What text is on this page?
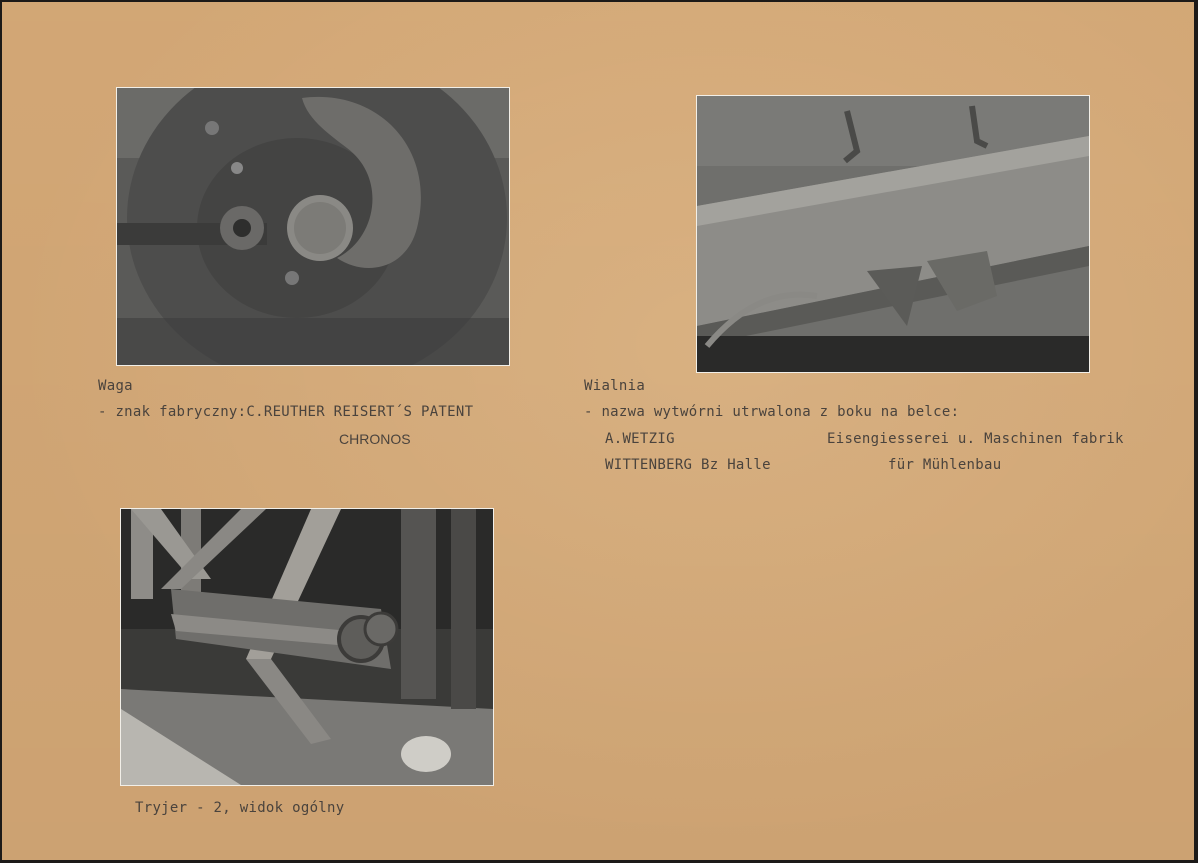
Waga

- znak fabryczny:C.REUTHER REISERT´S PATENT

CHRONOS

Wialnia

- nazwa wytwórni utrwalona z boku na belce:

A.WETZIG	Eisengiesserei u. Maschinen fabrik

WITTENBERG Bz Halle	für Mühlenbau

Tryjer - 2, widok ogólny
